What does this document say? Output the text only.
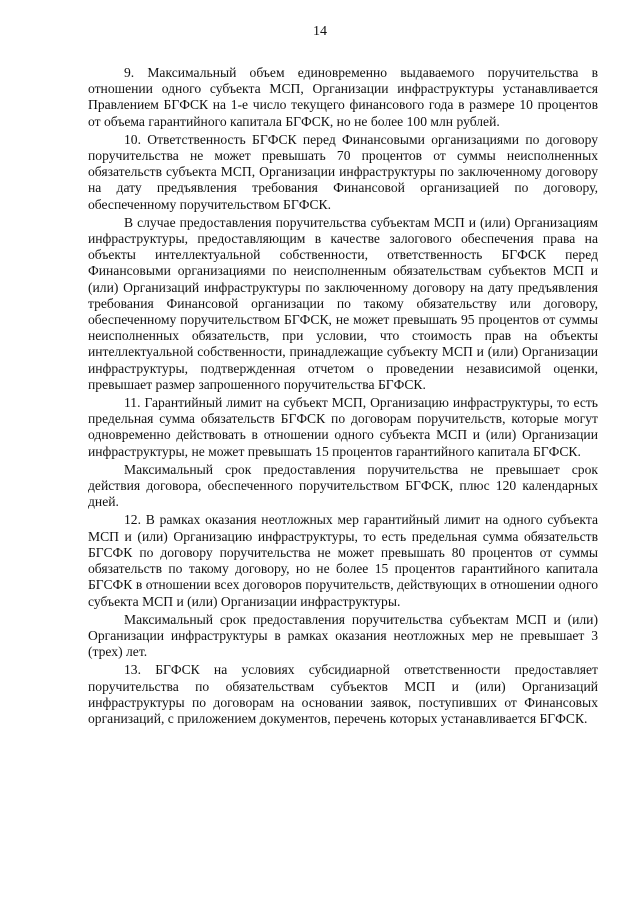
14

9. Максимальный объем единовременно выдаваемого поручительства в отношении одного субъекта МСП, Организации инфраструктуры устанавливается Правлением БГФСК на 1-е число текущего финансового года в размере 10 процентов от объема гарантийного капитала БГФСК, но не более 100 млн рублей.

10. Ответственность БГФСК перед Финансовыми организациями по договору поручительства не может превышать 70 процентов от суммы неисполненных обязательств субъекта МСП, Организации инфраструктуры по заключенному договору на дату предъявления требования Финансовой организацией по договору, обеспеченному поручительством БГФСК.

В случае предоставления поручительства субъектам МСП и (или) Организациям инфраструктуры, предоставляющим в качестве залогового обеспечения права на объекты интеллектуальной собственности, ответственность БГФСК перед Финансовыми организациями по неисполненным обязательствам субъектов МСП и (или) Организаций инфраструктуры по заключенному договору на дату предъявления требования Финансовой организации по такому обязательству или договору, обеспеченному поручительством БГФСК, не может превышать 95 процентов от суммы неисполненных обязательств, при условии, что стоимость прав на объекты интеллектуальной собственности, принадлежащие субъекту МСП и (или) Организации инфраструктуры, подтвержденная отчетом о проведении независимой оценки, превышает размер запрошенного поручительства БГФСК.

11. Гарантийный лимит на субъект МСП, Организацию инфраструктуры, то есть предельная сумма обязательств БГФСК по договорам поручительств, которые могут одновременно действовать в отношении одного субъекта МСП и (или) Организации инфраструктуры, не может превышать 15 процентов гарантийного капитала БГФСК.

Максимальный срок предоставления поручительства не превышает срок действия договора, обеспеченного поручительством БГФСК, плюс 120 календарных дней.

12. В рамках оказания неотложных мер гарантийный лимит на одного субъекта МСП и (или) Организацию инфраструктуры, то есть предельная сумма обязательств БГСФК по договору поручительства не может превышать 80 процентов от суммы обязательств по такому договору, но не более 15 процентов гарантийного капитала БГСФК в отношении всех договоров поручительств, действующих в отношении одного субъекта МСП и (или) Организации инфраструктуры.

Максимальный срок предоставления поручительства субъектам МСП и (или) Организации инфраструктуры в рамках оказания неотложных мер не превышает 3 (трех) лет.

13. БГФСК на условиях субсидиарной ответственности предоставляет поручительства по обязательствам субъектов МСП и (или) Организаций инфраструктуры по договорам на основании заявок, поступивших от Финансовых организаций, с приложением документов, перечень которых устанавливается БГФСК.
